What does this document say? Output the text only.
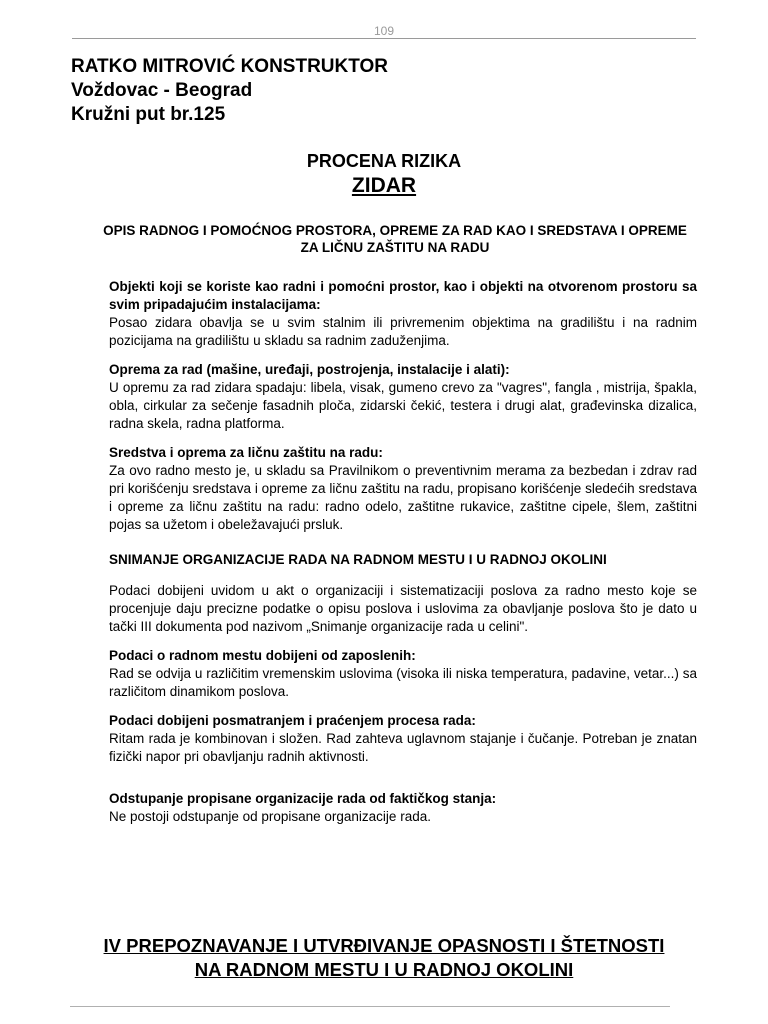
109
RATKO MITROVIĆ KONSTRUKTOR
Voždovac - Beograd
Kružni put br.125
PROCENA RIZIKA
ZIDAR
OPIS RADNOG I POMOĆNOG PROSTORA, OPREME ZA RAD KAO I SREDSTAVA I OPREME ZA LIČNU ZAŠTITU NA RADU

Objekti koji se koriste kao radni i pomoćni prostor, kao i objekti na otvorenom prostoru sa svim pripadajućim instalacijama:

Posao zidara obavlja se u svim stalnim ili privremenim objektima na gradilištu i na radnim pozicijama na gradilištu u skladu sa radnim zaduženjima.

Oprema za rad (mašine, uređaji, postrojenja, instalacije i alati):

U opremu za rad zidara spadaju: libela, visak, gumeno crevo za "vagres", fangla , mistrija, špakla, obla, cirkular za sečenje fasadnih ploča, zidarski čekić, testera i drugi alat, građevinska dizalica, radna skela, radna platforma.

Sredstva i oprema za ličnu zaštitu na radu:

Za ovo radno mesto je, u skladu sa Pravilnikom o preventivnim merama za bezbedan i zdrav rad pri korišćenju sredstava i opreme za ličnu zaštitu na radu, propisano korišćenje sledećih sredstava i opreme za ličnu zaštitu na radu: radno odelo, zaštitne rukavice, zaštitne cipele, šlem, zaštitni pojas sa užetom i obeležavajući prsluk.

SNIMANJE ORGANIZACIJE RADA NA RADNOM MESTU I U RADNOJ OKOLINI

Podaci dobijeni uvidom u akt o organizaciji i sistematizaciji poslova za radno mesto koje se procenjuje daju precizne podatke o opisu poslova i uslovima za obavljanje poslova što je dato u tački III dokumenta pod nazivom „Snimanje organizacije rada u celini".

Podaci o radnom mestu dobijeni od zaposlenih:

Rad se odvija u različitim vremenskim uslovima (visoka ili niska temperatura, padavine, vetar...) sa različitom dinamikom poslova.

Podaci dobijeni posmatranjem i praćenjem procesa rada:

Ritam rada je kombinovan i složen. Rad zahteva uglavnom stajanje i čučanje. Potreban je znatan fizički napor pri obavljanju radnih aktivnosti.

Odstupanje propisane organizacije rada od faktičkog stanja:

Ne postoji odstupanje od propisane organizacije rada.

IV PREPOZNAVANJE I UTVRĐIVANJE OPASNOSTI I ŠTETNOSTI
NA RADNOM MESTU I U RADNOJ OKOLINI
